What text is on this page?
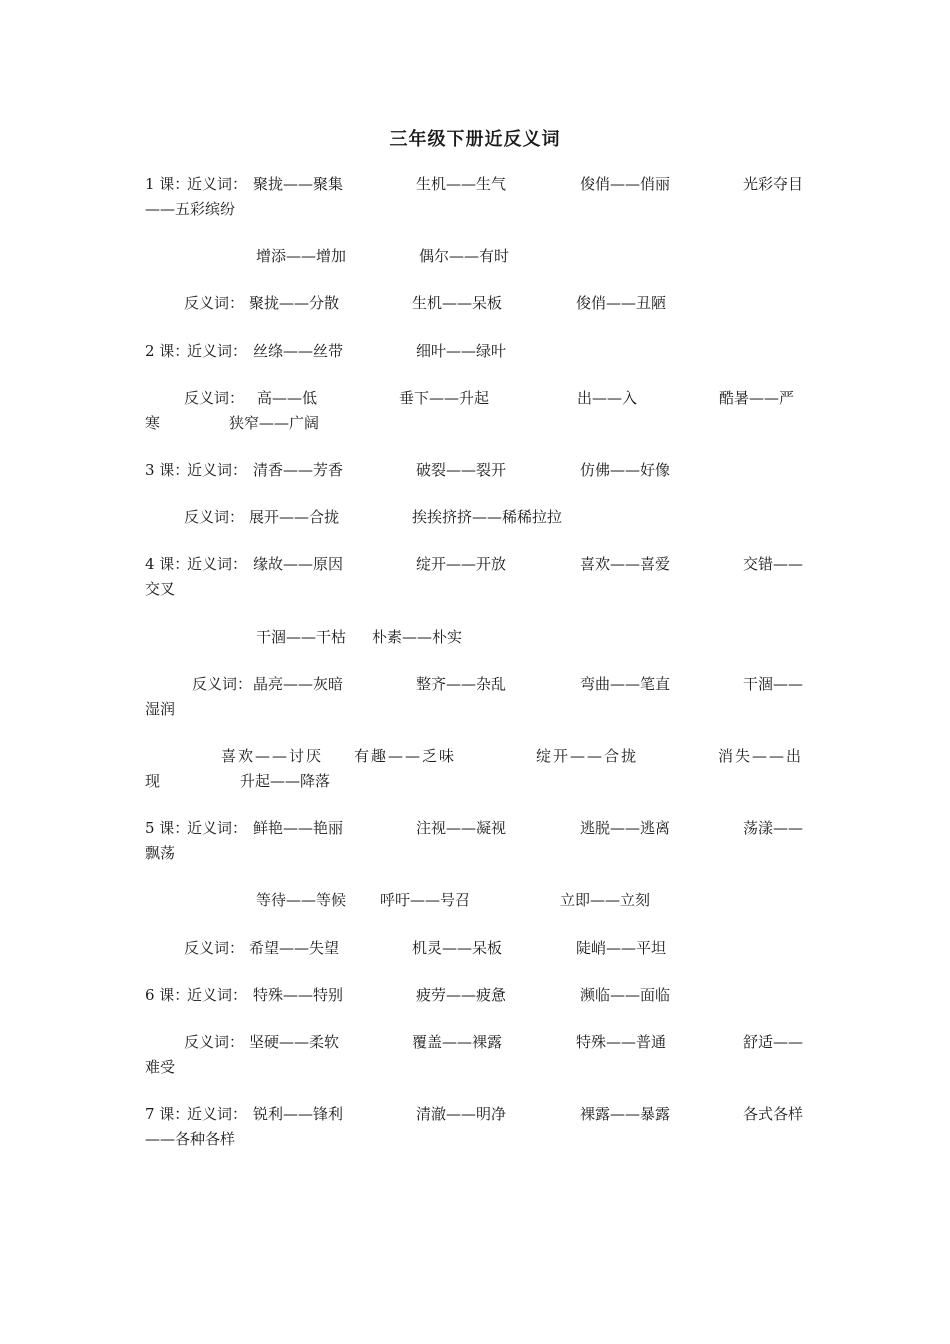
三年级下册近反义词
1 课：
近义词： 聚拢——聚集	生机——生气	俊俏——俏丽	光彩夺目
——五彩缤纷
增添——增加	偶尔——有时
反义词： 聚拢——分散	生机——呆板	俊俏——丑陋
2 课：
近义词： 丝绦——丝带	细叶——绿叶
反义词： 高——低	垂下——升起	出——入	酷暑——严
寒	狭窄——广阔
3 课：
近义词： 清香——芳香	破裂——裂开	仿佛——好像
反义词： 展开——合拢	挨挨挤挤——稀稀拉拉
4 课：
近义词： 缘故——原因	绽开——开放	喜欢——喜爱	交错——
交叉
干涸——干枯 朴素——朴实
反义词： 晶亮——灰暗	整齐——杂乱	弯曲——笔直	干涸——
湿润
喜欢——讨厌 有趣——乏味	绽开——合拢	消失——出
现	升起——降落
5 课：
近义词： 鲜艳——艳丽	注视——凝视	逃脱——逃离	荡漾——
飘荡
等待——等候 呼吁——号召	立即——立刻
反义词： 希望——失望	机灵——呆板	陡峭——平坦
6 课：
近义词： 特殊——特别	疲劳——疲惫	濒临——面临
反义词： 坚硬——柔软	覆盖——裸露	特殊——普通	舒适——
难受
7 课：
近义词： 锐利——锋利	清澈——明净	裸露——暴露	各式各样
——各种各样
